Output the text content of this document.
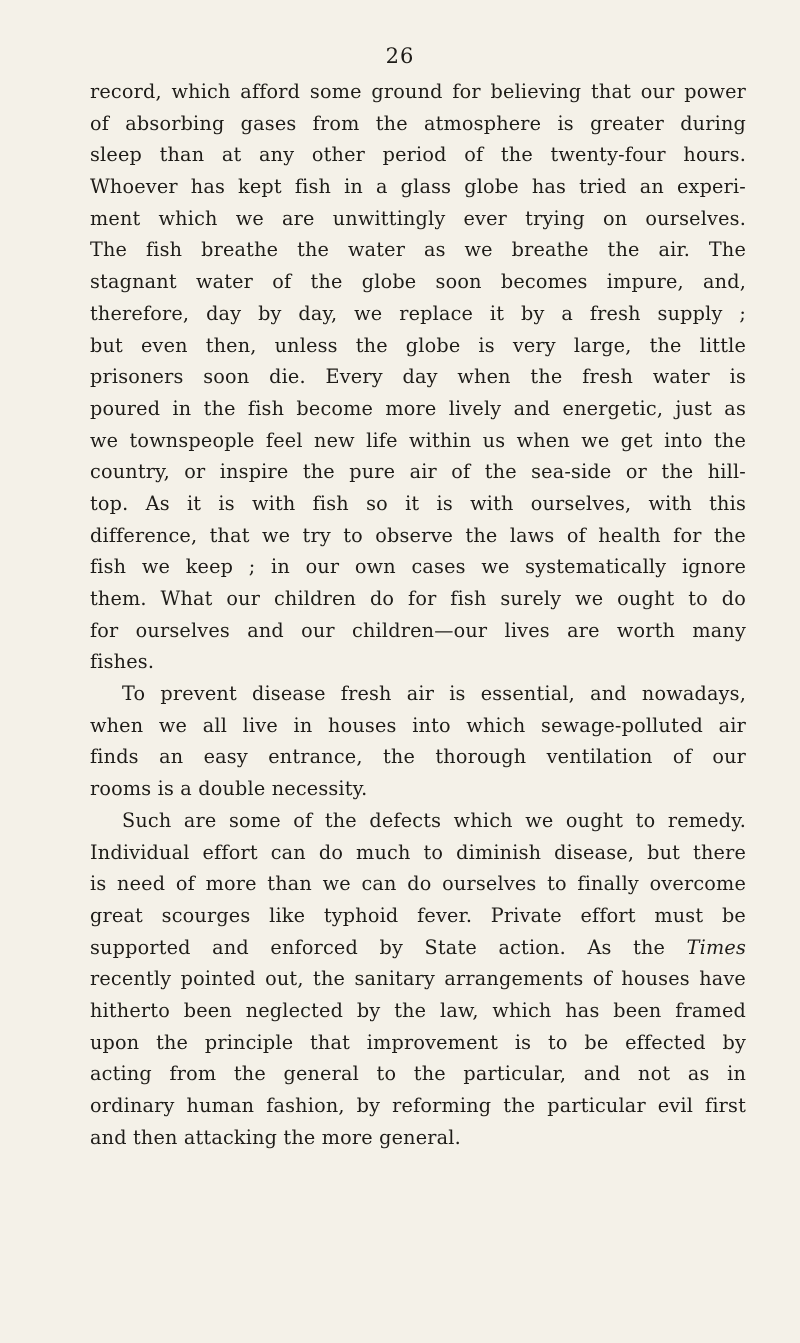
26
record, which afford some ground for believing that our power
of absorbing gases from the atmosphere is greater during
sleep than at any other period of the twenty-four hours.
Whoever has kept fish in a glass globe has tried an experi-
ment which we are unwittingly ever trying on ourselves.
The fish breathe the water as we breathe the air. The
stagnant water of the globe soon becomes impure, and,
therefore, day by day, we replace it by a fresh supply ;
but even then, unless the globe is very large, the little
prisoners soon die. Every day when the fresh water is
poured in the fish become more lively and energetic, just as
we townspeople feel new life within us when we get into the
country, or inspire the pure air of the sea-side or the hill-
top. As it is with fish so it is with ourselves, with this
difference, that we try to observe the laws of health for the
fish we keep ; in our own cases we systematically ignore
them. What our children do for fish surely we ought to do
for ourselves and our children—our lives are worth many
fishes.
To prevent disease fresh air is essential, and nowadays,
when we all live in houses into which sewage-polluted air
finds an easy entrance, the thorough ventilation of our
rooms is a double necessity.
Such are some of the defects which we ought to remedy.
Individual effort can do much to diminish disease, but there
is need of more than we can do ourselves to finally overcome
great scourges like typhoid fever. Private effort must be
supported and enforced by State action. As the Times
recently pointed out, the sanitary arrangements of houses have
hitherto been neglected by the law, which has been framed
upon the principle that improvement is to be effected by
acting from the general to the particular, and not as in
ordinary human fashion, by reforming the particular evil first
and then attacking the more general.
